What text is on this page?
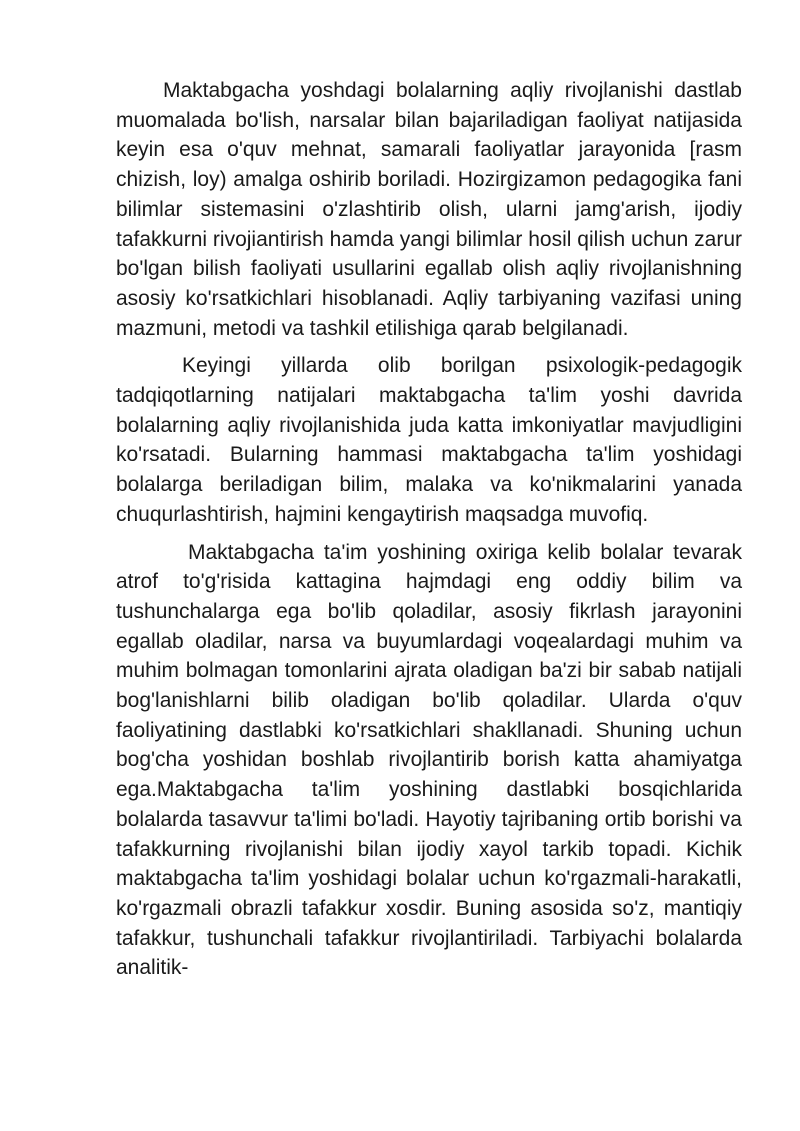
Maktabgacha yoshdagi bolalarning aqliy rivojlanishi dastlab muomalada bo'lish, narsalar bilan bajariladigan faoliyat natijasida keyin esa o'quv mehnat, samarali faoliyatlar jarayonida [rasm chizish, loy) amalga oshirib boriladi. Hozirgizamon pedagogika fani bilimlar sistemasini o'zlashtirib olish, ularni jamg'arish, ijodiy tafakkurni rivojiantirish hamda yangi bilimlar hosil qilish uchun zarur bo'lgan bilish faoliyati usullarini egallab olish aqliy rivojlanishning asosiy ko'rsatkichlari hisoblanadi. Aqliy tarbiyaning vazifasi uning mazmuni, metodi va tashkil etilishiga qarab belgilanadi.

Keyingi yillarda olib borilgan psixologik-pedagogik tadqiqotlarning natijalari maktabgacha ta'lim yoshi davrida bolalarning aqliy rivojlanishida juda katta imkoniyatlar mavjudligini ko'rsatadi. Bularning hammasi maktabgacha ta'lim yoshidagi bolalarga beriladigan bilim, malaka va ko'nikmalarini yanada chuqurlashtirish, hajmini kengaytirish maqsadga muvofiq.

Maktabgacha ta'im yoshining oxiriga kelib bolalar tevarak atrof to'g'risida kattagina hajmdagi eng oddiy bilim va tushunchalarga ega bo'lib qoladilar, asosiy fikrlash jarayonini egallab oladilar, narsa va buyumlardagi voqealardagi muhim va muhim bolmagan tomonlarini ajrata oladigan ba'zi bir sabab natijali bog'lanishlarni bilib oladigan bo'lib qoladilar. Ularda o'quv faoliyatining dastlabki ko'rsatkichlari shakllanadi. Shuning uchun bog'cha yoshidan boshlab rivojlantirib borish katta ahamiyatga ega.Maktabgacha ta'lim yoshining dastlabki bosqichlarida bolalarda tasavvur ta'limi bo'ladi. Hayotiy tajribaning ortib borishi va tafakkurning rivojlanishi bilan ijodiy xayol tarkib topadi. Kichik maktabgacha ta'lim yoshidagi bolalar uchun ko'rgazmali-harakatli, ko'rgazmali obrazli tafakkur xosdir. Buning asosida so'z, mantiqiy tafakkur, tushunchali tafakkur rivojlantiriladi. Tarbiyachi bolalarda analitik-
